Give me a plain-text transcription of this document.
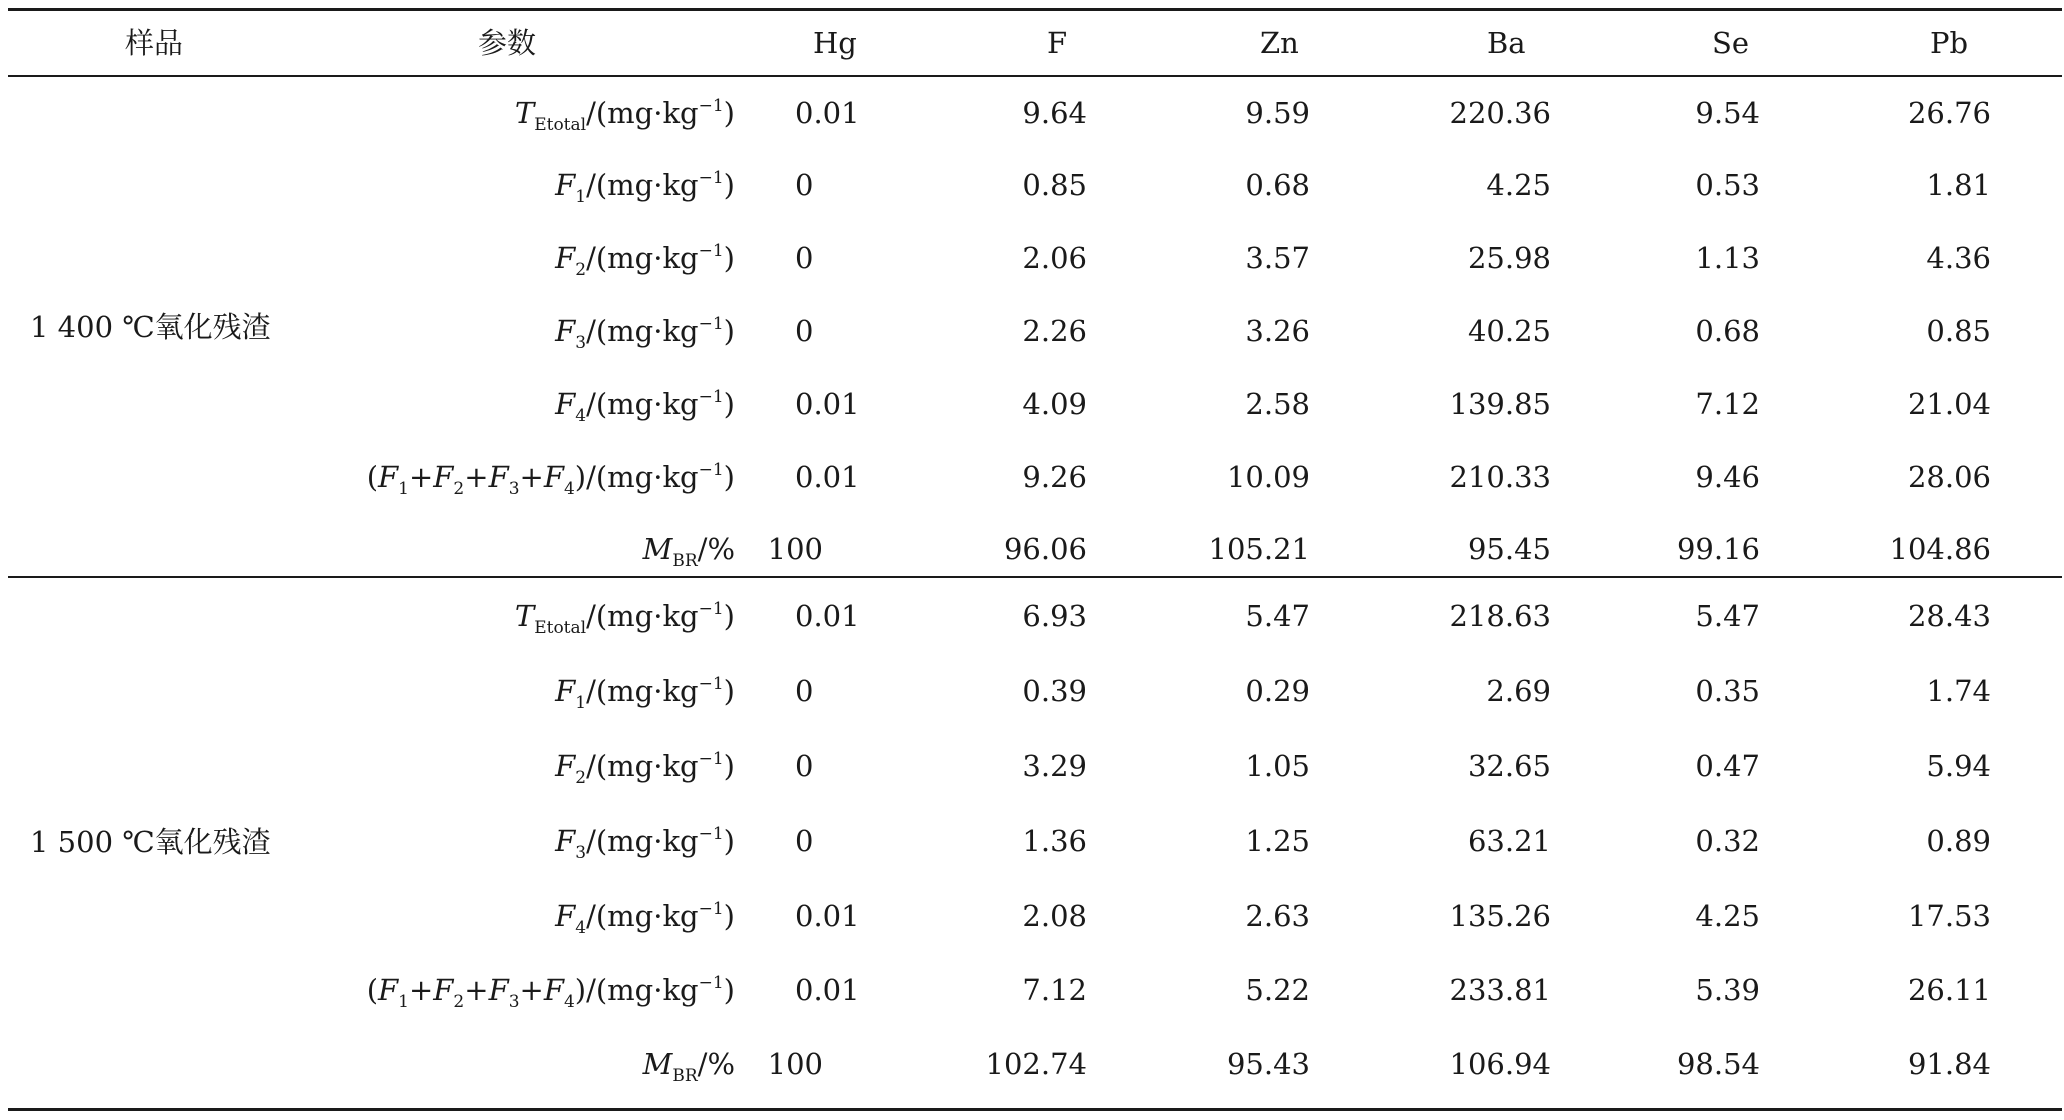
样品	参数	Hg	F	Zn	Ba	Se	Pb
1 400 ℃氧化残渣
$T_{Etotal}/(mg\cdot kg^{-1})$ 0.01	9.64	9.59	220.36	9.54	26.76
$F_1/(mg\cdot kg^{-1})$ 0	0.85	0.68	4.25	0.53	1.81
$F_2/(mg\cdot kg^{-1})$ 0	2.06	3.57	25.98	1.13	4.36
$F_3/(mg\cdot kg^{-1})$ 0	2.26	3.26	40.25	0.68	0.85
$F_4/(mg\cdot kg^{-1})$ 0.01	4.09	2.58	139.85	7.12	21.04
$(F_1+F_2+F_3+F_4)/(mg\cdot kg^{-1})$ 0.01	9.26	10.09	210.33	9.46	28.06
$M_{BR}/\%$ 100	96.06	105.21	95.45	99.16	104.86
1 500 ℃氧化残渣
$T_{Etotal}/(mg\cdot kg^{-1})$ 0.01	6.93	5.47	218.63	5.47	28.43
$F_1/(mg\cdot kg^{-1})$ 0	0.39	0.29	2.69	0.35	1.74
$F_2/(mg\cdot kg^{-1})$ 0	3.29	1.05	32.65	0.47	5.94
$F_3/(mg\cdot kg^{-1})$ 0	1.36	1.25	63.21	0.32	0.89
$F_4/(mg\cdot kg^{-1})$ 0.01	2.08	2.63	135.26	4.25	17.53
$(F_1+F_2+F_3+F_4)/(mg\cdot kg^{-1})$ 0.01	7.12	5.22	233.81	5.39	26.11
$M_{BR}/\%$ 100	102.74	95.43	106.94	98.54	91.84
